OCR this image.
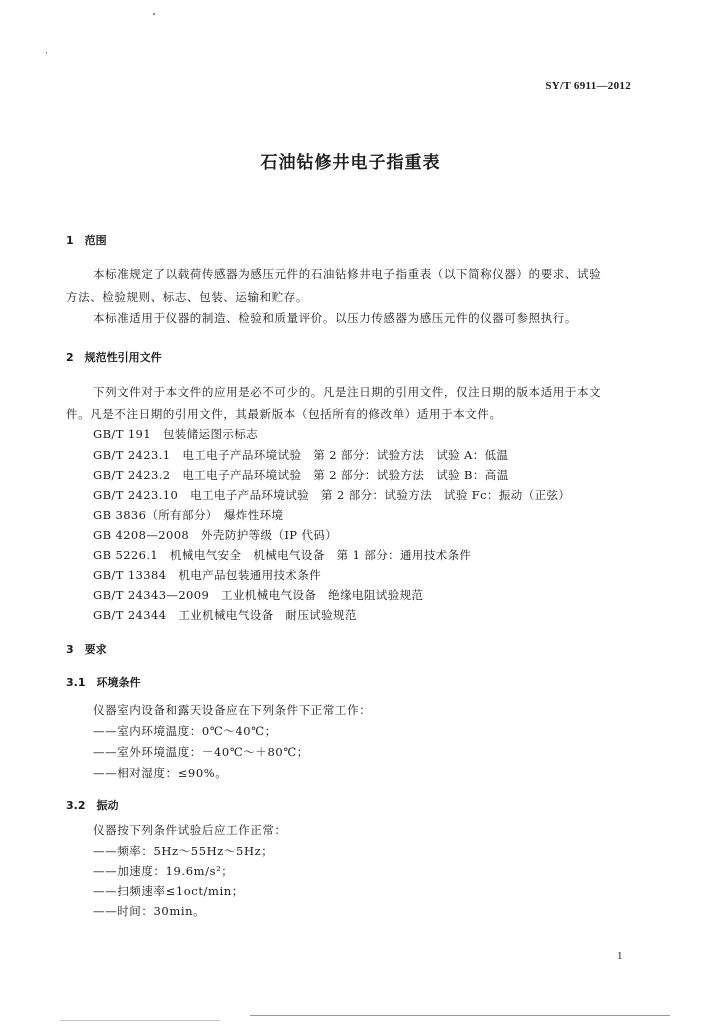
SY/T 6911—2012
石油钻修井电子指重表
1　范围
本标准规定了以载荷传感器为感压元件的石油钻修井电子指重表（以下简称仪器）的要求、试验
方法、检验规则、标志、包装、运输和贮存。
本标准适用于仪器的制造、检验和质量评价。以压力传感器为感压元件的仪器可参照执行。
2　规范性引用文件
下列文件对于本文件的应用是必不可少的。凡是注日期的引用文件，仅注日期的版本适用于本文
件。凡是不注日期的引用文件，其最新版本（包括所有的修改单）适用于本文件。
GB/T 191　包装储运图示标志
GB/T 2423.1　电工电子产品环境试验　第 2 部分：试验方法　试验 A：低温
GB/T 2423.2　电工电子产品环境试验　第 2 部分：试验方法　试验 B：高温
GB/T 2423.10　电工电子产品环境试验　第 2 部分：试验方法　试验 Fc：振动（正弦）
GB 3836（所有部分）　爆炸性环境
GB 4208—2008　外壳防护等级（IP 代码）
GB 5226.1　机械电气安全　机械电气设备　第 1 部分：通用技术条件
GB/T 13384　机电产品包装通用技术条件
GB/T 24343—2009　工业机械电气设备　绝缘电阻试验规范
GB/T 24344　工业机械电气设备　耐压试验规范
3　要求
3.1　环境条件
仪器室内设备和露天设备应在下列条件下正常工作：
——室内环境温度：0℃～40℃；
——室外环境温度：－40℃～＋80℃；
——相对湿度：≤90%。
3.2　振动
仪器按下列条件试验后应工作正常：
——频率：5Hz～55Hz～5Hz；
——加速度：19.6m/s²；
——扫频速率≤1oct/min；
——时间：30min。
1
